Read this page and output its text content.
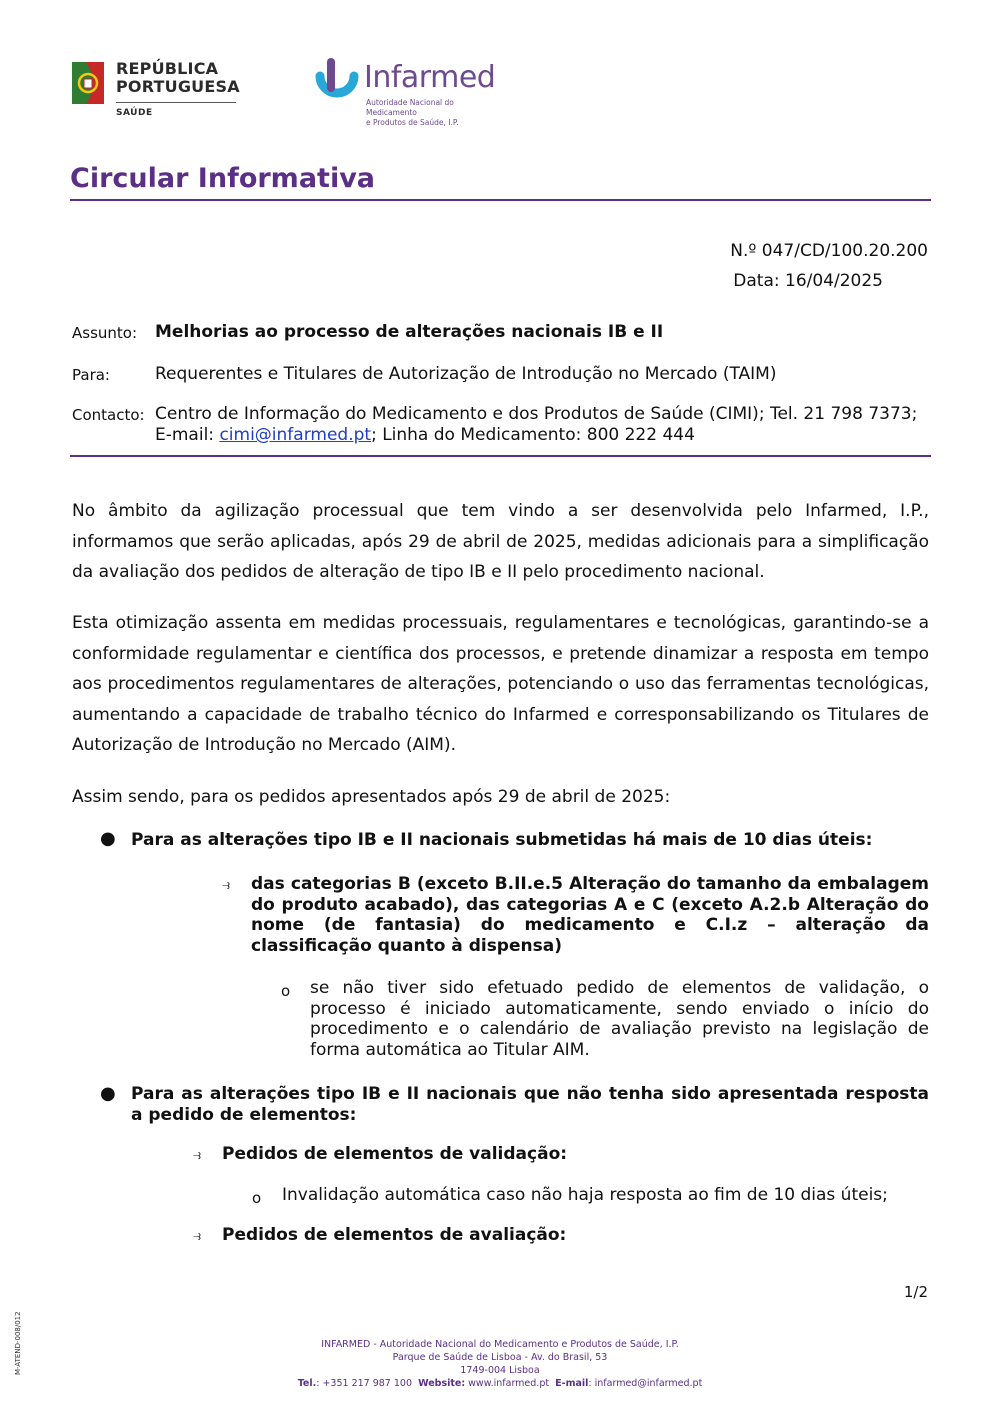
REPÚBLICA
PORTUGUESA
SAÚDE
Infarmed
Autoridade Nacional do Medicamento
e Produtos de Saúde, I.P.
Circular Informativa
N.º 047/CD/100.20.200
Data: 16/04/2025
Assunto: Melhorias ao processo de alterações nacionais IB e II
Para:	Requerentes e Titulares de Autorização de Introdução no Mercado (TAIM)
Contacto: Centro de Informação do Medicamento e dos Produtos de Saúde (CIMI); Tel. 21 798 7373;
E-mail: cimi@infarmed.pt; Linha do Medicamento: 800 222 444
No âmbito da agilização processual que tem vindo a ser desenvolvida pelo Infarmed, I.P., informamos que serão aplicadas, após 29 de abril de 2025, medidas adicionais para a simplificação da avaliação dos pedidos de alteração de tipo IB e II pelo procedimento nacional.
Esta otimização assenta em medidas processuais, regulamentares e tecnológicas, garantindo-se a conformidade regulamentar e científica dos processos, e pretende dinamizar a resposta em tempo aos procedimentos regulamentares de alterações, potenciando o uso das ferramentas tecnológicas, aumentando a capacidade de trabalho técnico do Infarmed e corresponsabilizando os Titulares de Autorização de Introdução no Mercado (AIM).
Assim sendo, para os pedidos apresentados após 29 de abril de 2025:
● Para as alterações tipo IB e II nacionais submetidas há mais de 10 dias úteis:
⥽ das categorias B (exceto B.II.e.5 Alteração do tamanho da embalagem do produto acabado), das categorias A e C (exceto A.2.b Alteração do nome (de fantasia) do medicamento e C.I.z – alteração da classificação quanto à dispensa)
o se não tiver sido efetuado pedido de elementos de validação, o processo é iniciado automaticamente, sendo enviado o início do procedimento e o calendário de avaliação previsto na legislação de forma automática ao Titular AIM.
● Para as alterações tipo IB e II nacionais que não tenha sido apresentada resposta a pedido de elementos:
⥽ Pedidos de elementos de validação:
o Invalidação automática caso não haja resposta ao fim de 10 dias úteis;
⥽ Pedidos de elementos de avaliação:
1/2
INFARMED - Autoridade Nacional do Medicamento e Produtos de Saúde, I.P.
Parque de Saúde de Lisboa - Av. do Brasil, 53
1749-004 Lisboa
Tel.: +351 217 987 100 Website: www.infarmed.pt E-mail: infarmed@infarmed.pt
M-ATEND-008/012
